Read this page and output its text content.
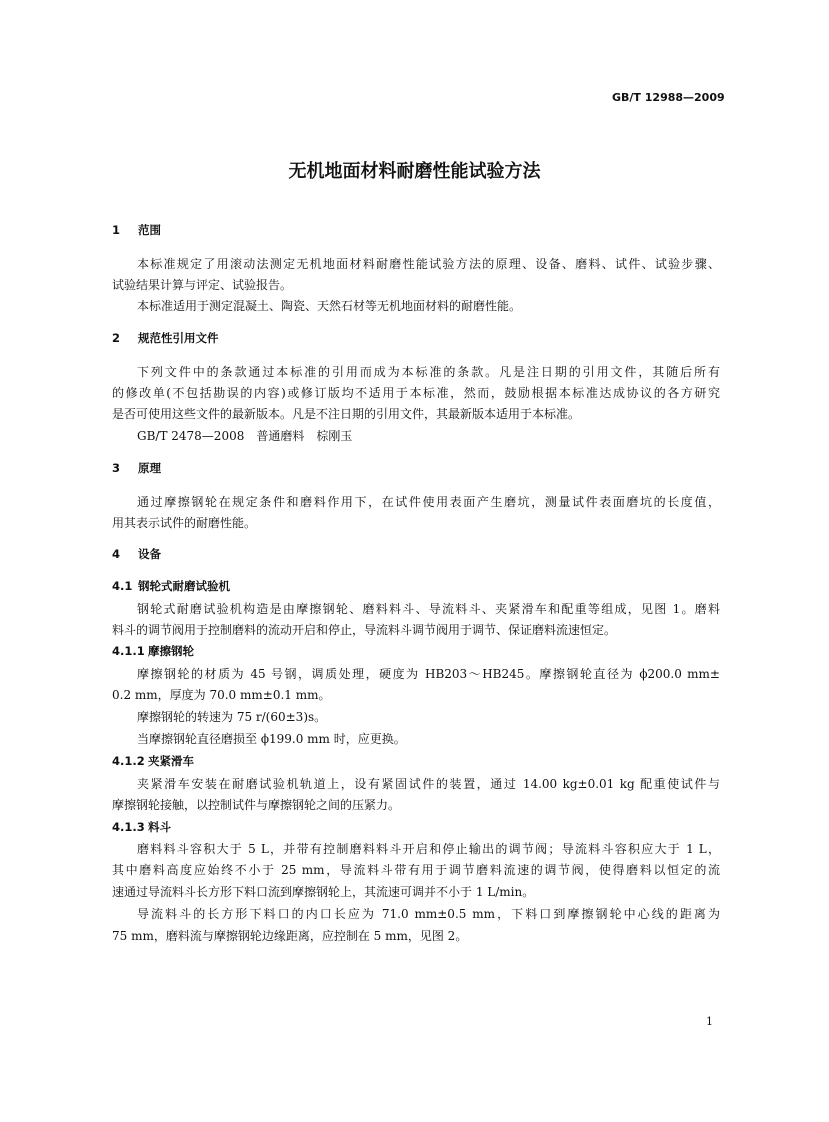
GB/T 12988—2009
无机地面材料耐磨性能试验方法
1 范围
本标准规定了用滚动法测定无机地面材料耐磨性能试验方法的原理、设备、磨料、试件、试验步骤、
试验结果计算与评定、试验报告。
本标准适用于测定混凝土、陶瓷、天然石材等无机地面材料的耐磨性能。
2 规范性引用文件
下列文件中的条款通过本标准的引用而成为本标准的条款。凡是注日期的引用文件，其随后所有
的修改单(不包括勘误的内容)或修订版均不适用于本标准，然而，鼓励根据本标准达成协议的各方研究
是否可使用这些文件的最新版本。凡是不注日期的引用文件，其最新版本适用于本标准。
GB/T 2478—2008　普通磨料　棕刚玉
3 原理
通过摩擦钢轮在规定条件和磨料作用下，在试件使用表面产生磨坑，测量试件表面磨坑的长度值，
用其表示试件的耐磨性能。
4 设备
4.1 钢轮式耐磨试验机
钢轮式耐磨试验机构造是由摩擦钢轮、磨料料斗、导流料斗、夹紧滑车和配重等组成，见图 1。磨料
料斗的调节阀用于控制磨料的流动开启和停止，导流料斗调节阀用于调节、保证磨料流速恒定。
4.1.1 摩擦钢轮
摩擦钢轮的材质为 45 号钢，调质处理，硬度为 HB203～HB245。摩擦钢轮直径为 ϕ200.0 mm±
0.2 mm，厚度为 70.0 mm±0.1 mm。
摩擦钢轮的转速为 75 r/(60±3)s。
当摩擦钢轮直径磨损至 ϕ199.0 mm 时，应更换。
4.1.2 夹紧滑车
夹紧滑车安装在耐磨试验机轨道上，设有紧固试件的装置，通过 14.00 kg±0.01 kg 配重使试件与
摩擦钢轮接触，以控制试件与摩擦钢轮之间的压紧力。
4.1.3 料斗
磨料料斗容积大于 5 L，并带有控制磨料料斗开启和停止输出的调节阀；导流料斗容积应大于 1 L，
其中磨料高度应始终不小于 25 mm，导流料斗带有用于调节磨料流速的调节阀，使得磨料以恒定的流
速通过导流料斗长方形下料口流到摩擦钢轮上，其流速可调并不小于 1 L/min。
导流料斗的长方形下料口的内口长应为 71.0 mm±0.5 mm，下料口到摩擦钢轮中心线的距离为
75 mm，磨料流与摩擦钢轮边缘距离，应控制在 5 mm，见图 2。
1
